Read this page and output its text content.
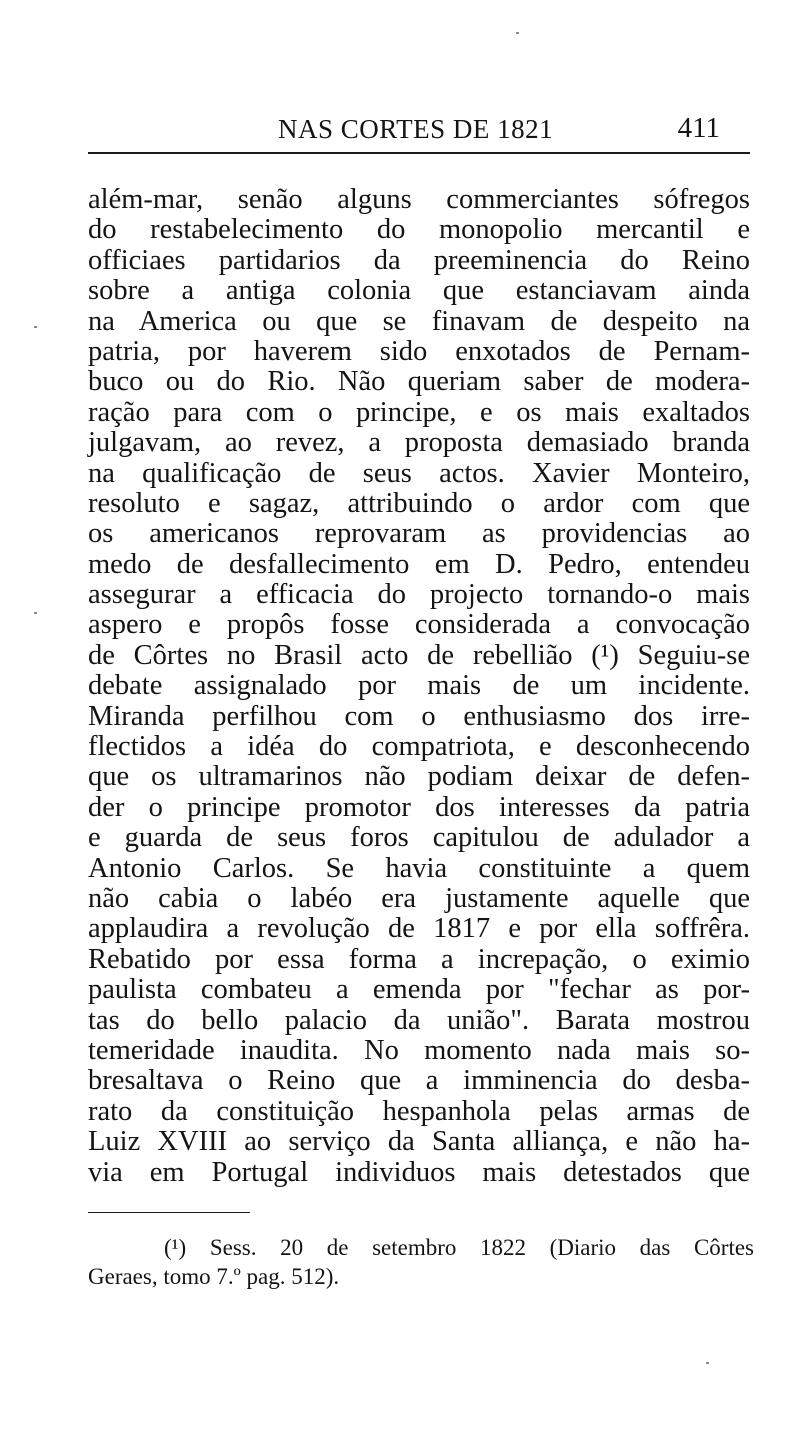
NAS CORTES DE 1821	411
além-mar, senão alguns commerciantes sófregos
do restabelecimento do monopolio mercantil e
officiaes partidarios da preeminencia do Reino
sobre a antiga colonia que estanciavam ainda
na America ou que se finavam de despeito na
patria, por haverem sido enxotados de Pernam-
buco ou do Rio. Não queriam saber de modera-
ração para com o principe, e os mais exaltados
julgavam, ao revez, a proposta demasiado branda
na qualificação de seus actos. Xavier Monteiro,
resoluto e sagaz, attribuindo o ardor com que
os americanos reprovaram as providencias ao
medo de desfallecimento em D. Pedro, entendeu
assegurar a efficacia do projecto tornando-o mais
aspero e propôs fosse considerada a convocação
de Côrtes no Brasil acto de rebellião (¹) Seguiu-se
debate assignalado por mais de um incidente.
Miranda perfilhou com o enthusiasmo dos irre-
flectidos a idéa do compatriota, e desconhecendo
que os ultramarinos não podiam deixar de defen-
der o principe promotor dos interesses da patria
e guarda de seus foros capitulou de adulador a
Antonio Carlos. Se havia constituinte a quem
não cabia o labéo era justamente aquelle que
applaudira a revolução de 1817 e por ella soffrêra.
Rebatido por essa forma a increpação, o eximio
paulista combateu a emenda por "fechar as por-
tas do bello palacio da união". Barata mostrou
temeridade inaudita. No momento nada mais so-
bresaltava o Reino que a imminencia do desba-
rato da constituição hespanhola pelas armas de
Luiz XVIII ao serviço da Santa alliança, e não ha-
via em Portugal individuos mais detestados que
(¹) Sess. 20 de setembro 1822 (Diario das Côrtes
Geraes, tomo 7.º pag. 512).
